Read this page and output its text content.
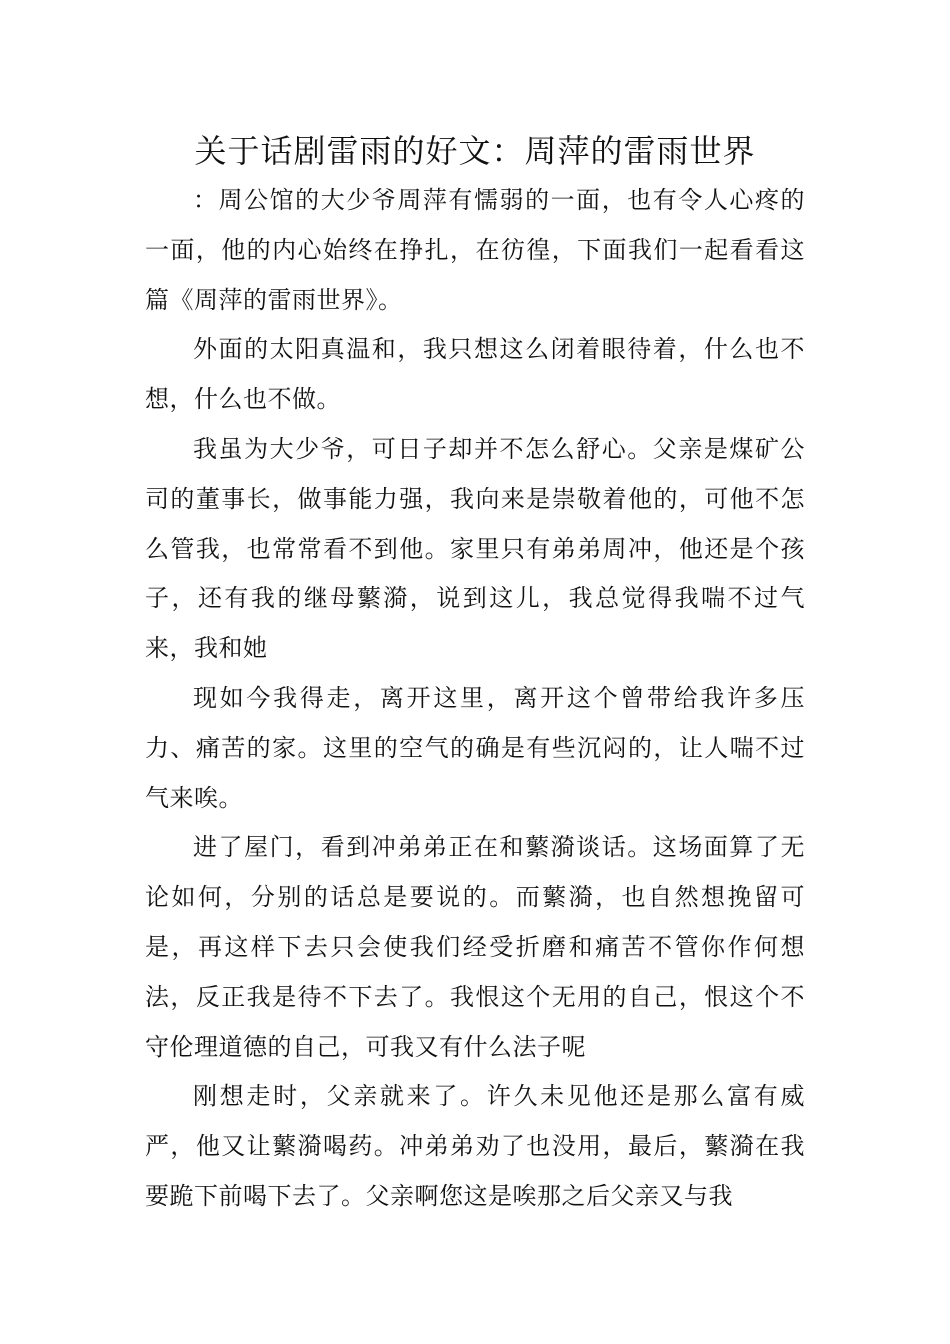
关于话剧雷雨的好文：周萍的雷雨世界

：周公馆的大少爷周萍有懦弱的一面，也有令人心疼的一面，他的内心始终在挣扎，在彷徨，下面我们一起看看这篇《周萍的雷雨世界》。

外面的太阳真温和，我只想这么闭着眼待着，什么也不想，什么也不做。

我虽为大少爷，可日子却并不怎么舒心。父亲是煤矿公司的董事长，做事能力强，我向来是崇敬着他的，可他不怎么管我，也常常看不到他。家里只有弟弟周冲，他还是个孩子，还有我的继母蘩漪，说到这儿，我总觉得我喘不过气来，我和她

现如今我得走，离开这里，离开这个曾带给我许多压力、痛苦的家。这里的空气的确是有些沉闷的，让人喘不过气来唉。

进了屋门，看到冲弟弟正在和蘩漪谈话。这场面算了无论如何，分别的话总是要说的。而蘩漪，也自然想挽留可是，再这样下去只会使我们经受折磨和痛苦不管你作何想法，反正我是待不下去了。我恨这个无用的自己，恨这个不守伦理道德的自己，可我又有什么法子呢

刚想走时，父亲就来了。许久未见他还是那么富有威严，他又让蘩漪喝药。冲弟弟劝了也没用，最后，蘩漪在我要跪下前喝下去了。父亲啊您这是唉那之后父亲又与我
